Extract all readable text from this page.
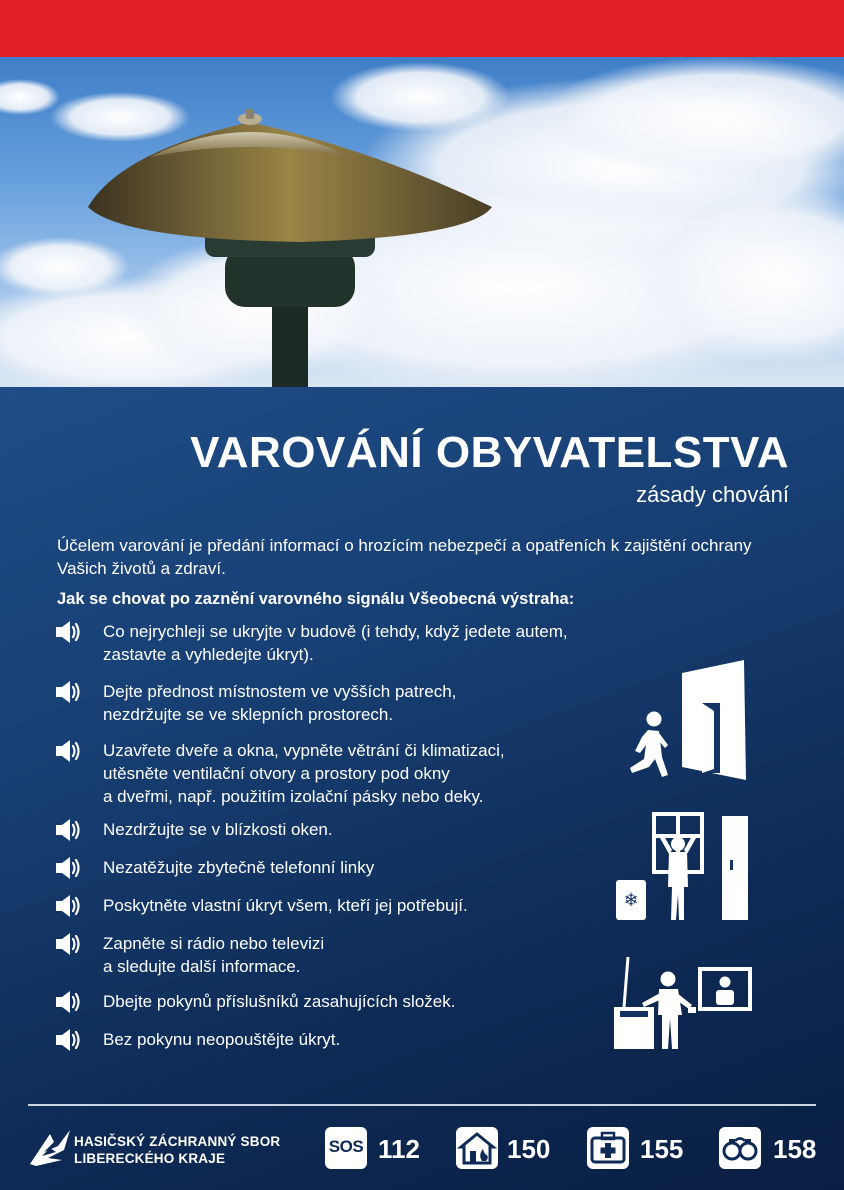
VAROVÁNÍ OBYVATELSTVA
zásady chování
Účelem varování je předání informací o hrozícím nebezpečí a opatřeních k zajištění ochrany Vašich životů a zdraví.
Jak se chovat po zaznění varovného signálu Všeobecná výstraha:
Co nejrychleji se ukryjte v budově (i tehdy, když jedete autem,
zastavte a vyhledejte úkryt).
Dejte přednost místnostem ve vyšších patrech,
nezdržujte se ve sklepních prostorech.
Uzavřete dveře a okna, vypněte větrání či klimatizaci,
utěsněte ventilační otvory a prostory pod okny
a dveřmi, např. použitím izolační pásky nebo deky.
Nezdržujte se v blízkosti oken.
Nezatěžujte zbytečně telefonní linky
Poskytněte vlastní úkryt všem, kteří jej potřebují.
Zapněte si rádio nebo televizi
a sledujte další informace.
Dbejte pokynů příslušníků zasahujících složek.
Bez pokynu neopouštějte úkryt.
❄
HASIČSKÝ ZÁCHRANNÝ SBOR
LIBERECKÉHO KRAJE
SOS 112	150	155	158
